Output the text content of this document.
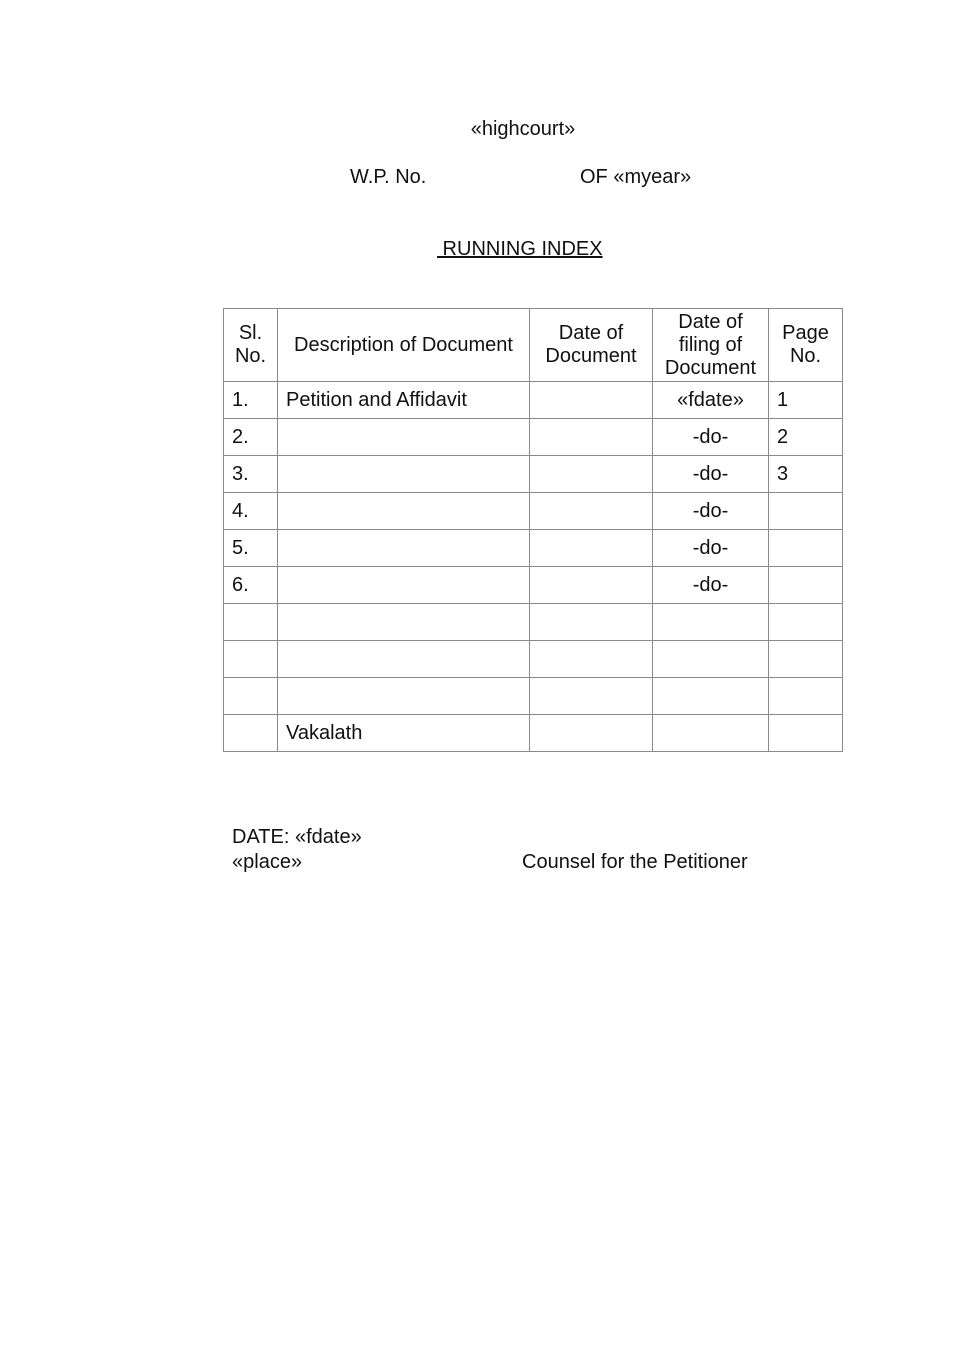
«highcourt»
W.P. No.	OF «myear»
RUNNING INDEX
Sl. No.	Description of Document	Date of Document	Date of filing of Document	Page No.
1.	Petition and Affidavit		«fdate»	1
2.			-do-	2
3.			-do-	3
4.			-do-	
5.			-do-	
6.			-do-	

	Vakalath			
DATE: «fdate»
«place»	Counsel for the Petitioner
